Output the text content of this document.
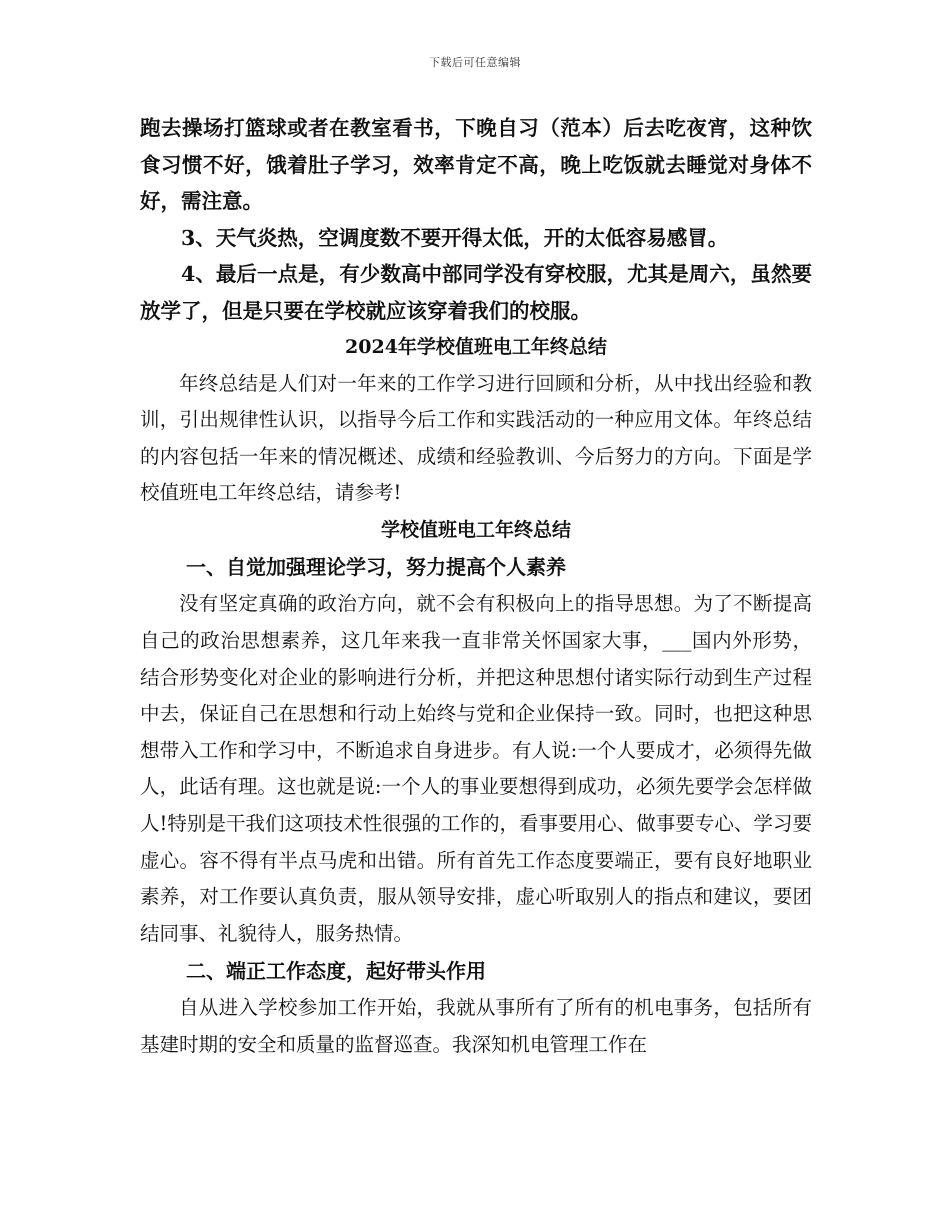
下载后可任意编辑

跑去操场打篮球或者在教室看书，下晚自习（范本）后去吃夜宵，这种饮食习惯不好，饿着肚子学习，效率肯定不高，晚上吃饭就去睡觉对身体不好，需注意。

3、天气炎热，空调度数不要开得太低，开的太低容易感冒。

4、最后一点是，有少数高中部同学没有穿校服，尤其是周六，虽然要放学了，但是只要在学校就应该穿着我们的校服。

2024年学校值班电工年终总结

年终总结是人们对一年来的工作学习进行回顾和分析，从中找出经验和教训，引出规律性认识，以指导今后工作和实践活动的一种应用文体。年终总结的内容包括一年来的情况概述、成绩和经验教训、今后努力的方向。下面是学校值班电工年终总结，请参考!

学校值班电工年终总结

一、自觉加强理论学习，努力提高个人素养

没有坚定真确的政治方向，就不会有积极向上的指导思想。为了不断提高自己的政治思想素养，这几年来我一直非常关怀国家大事，___国内外形势，结合形势变化对企业的影响进行分析，并把这种思想付诸实际行动到生产过程中去，保证自己在思想和行动上始终与党和企业保持一致。同时，也把这种思想带入工作和学习中，不断追求自身进步。有人说:一个人要成才，必须得先做人，此话有理。这也就是说:一个人的事业要想得到成功，必须先要学会怎样做人!特别是干我们这项技术性很强的工作的，看事要用心、做事要专心、学习要虚心。容不得有半点马虎和出错。所有首先工作态度要端正，要有良好地职业素养，对工作要认真负责，服从领导安排，虚心听取别人的指点和建议，要团结同事、礼貌待人，服务热情。

二、端正工作态度，起好带头作用

自从进入学校参加工作开始，我就从事所有了所有的机电事务，包括所有基建时期的安全和质量的监督巡查。我深知机电管理工作在
